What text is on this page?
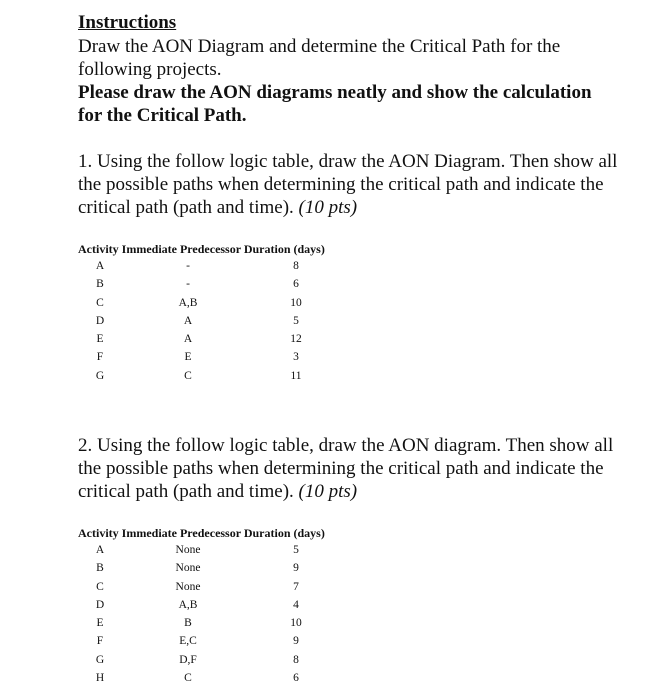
Instructions
Draw the AON Diagram and determine the Critical Path for the following projects.
Please draw the AON diagrams neatly and show the calculation for the Critical Path.
1. Using the follow logic table, draw the AON Diagram. Then show all the possible paths when determining the critical path and indicate the critical path (path and time). (10 pts)
Activity Immediate Predecessor Duration (days)
A	-	8
B	-	6
C	A,B	10
D	A	5
E	A	12
F	E	3
G	C	11
2. Using the follow logic table, draw the AON diagram. Then show all the possible paths when determining the critical path and indicate the critical path (path and time). (10 pts)
Activity Immediate Predecessor Duration (days)
A	None	5
B	None	9
C	None	7
D	A,B	4
E	B	10
F	E,C	9
G	D,F	8
H	C	6
